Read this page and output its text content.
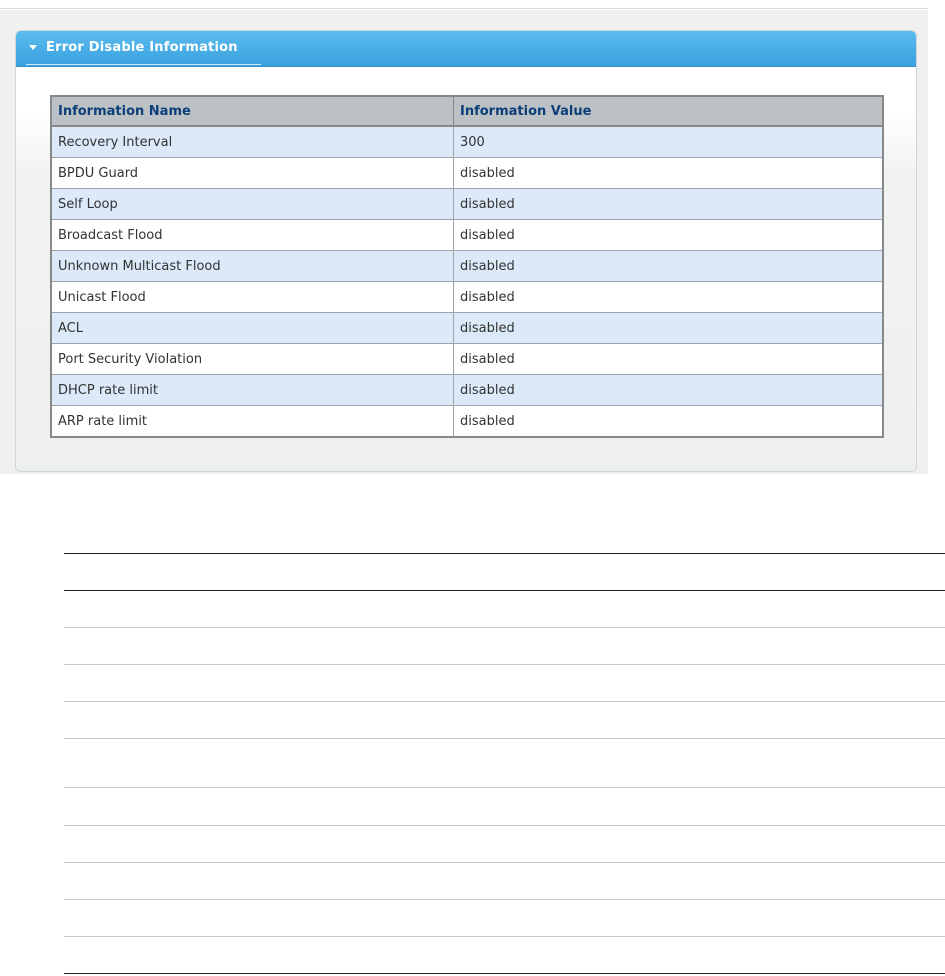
Error Disable Information
Information Name	Information Value
Recovery Interval	300
BPDU Guard	disabled
Self Loop	disabled
Broadcast Flood	disabled
Unknown Multicast Flood	disabled
Unicast Flood	disabled
ACL	disabled
Port Security Violation	disabled
DHCP rate limit	disabled
ARP rate limit	disabled
